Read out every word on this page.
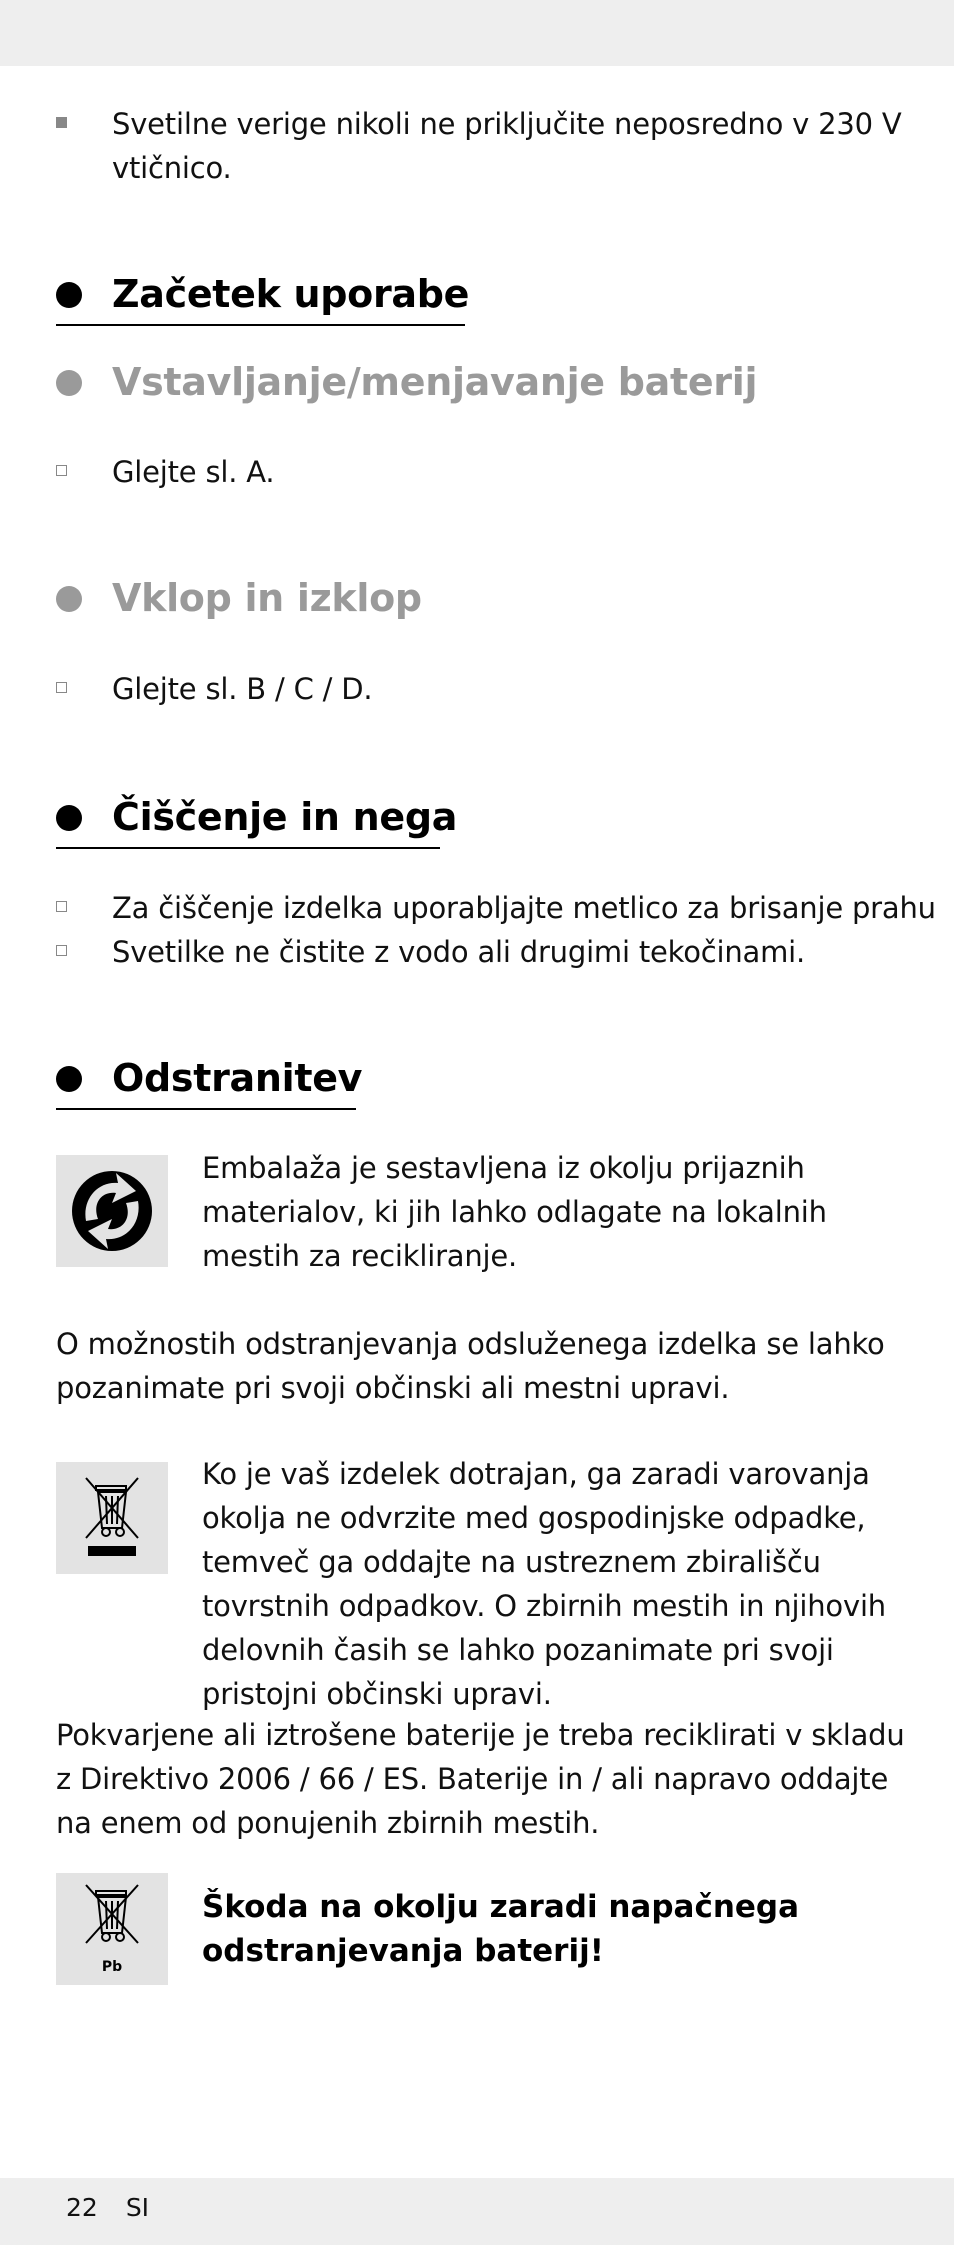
Svetilne verige nikoli ne priključite neposredno v 230 V vtičnico.
Začetek uporabe
Vstavljanje/menjavanje baterij
Glejte sl. A.
Vklop in izklop
Glejte sl. B / C / D.
Čiščenje in nega
Za čiščenje izdelka uporabljajte metlico za brisanje prahu
Svetilke ne čistite z vodo ali drugimi tekočinami.
Odstranitev
Embalaža je sestavljena iz okolju prijaznih materialov, ki jih lahko odlagate na lokalnih mestih za recikliranje.
O možnostih odstranjevanja odsluženega izdelka se lahko pozanimate pri svoji občinski ali mestni upravi.
Ko je vaš izdelek dotrajan, ga zaradi varovanja okolja ne odvrzite med gospodinjske odpadke, temveč ga oddajte na ustreznem zbirališču tovrstnih odpadkov. O zbirnih mestih in njihovih delovnih časih se lahko pozanimate pri svoji pristojni občinski upravi.
Pokvarjene ali iztrošene baterije je treba reciklirati v skladu z Direktivo 2006 / 66 / ES. Baterije in / ali napravo oddajte na enem od ponujenih zbirnih mestih.
Pb
Škoda na okolju zaradi napačnega odstranjevanja baterij!
22 SI
